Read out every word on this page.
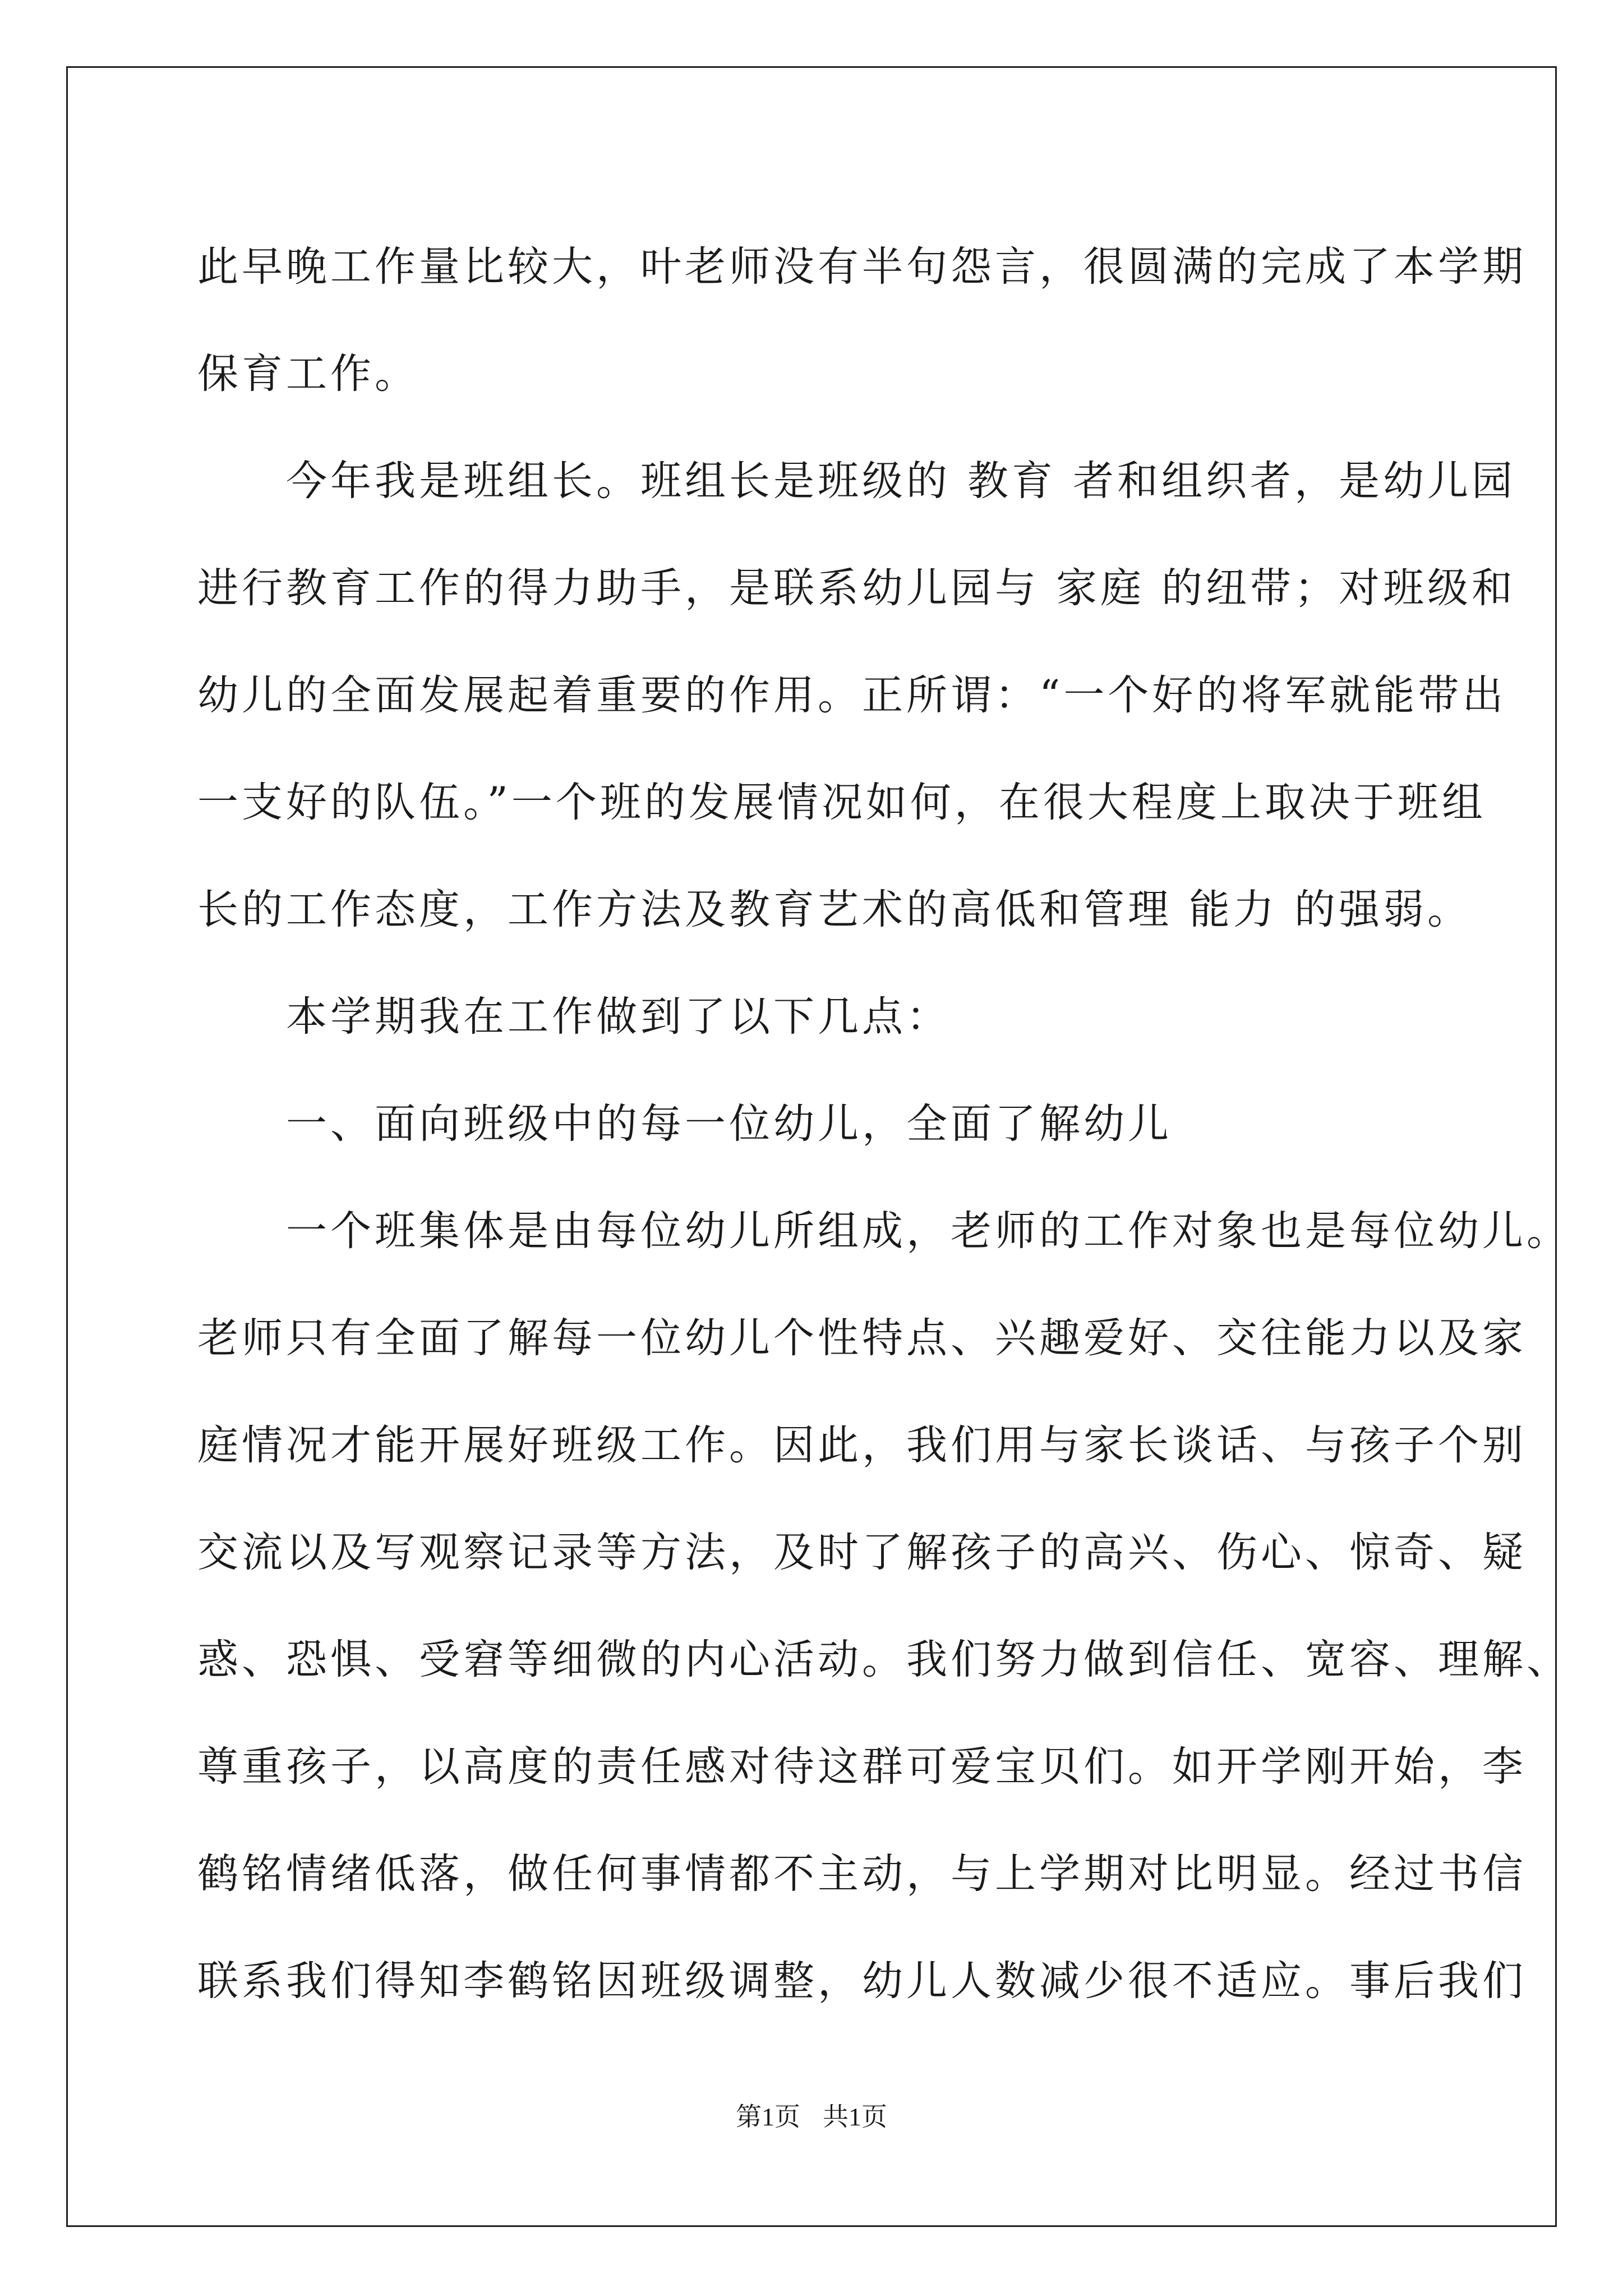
此早晚工作量比较大，叶老师没有半句怨言，很圆满的完成了本学期
保育工作。
　　今年我是班组长。班组长是班级的 教育 者和组织者，是幼儿园
进行教育工作的得力助手，是联系幼儿园与 家庭 的纽带；对班级和
幼儿的全面发展起着重要的作用。正所谓：“一个好的将军就能带出
一支好的队伍。”一个班的发展情况如何，在很大程度上取决于班组
长的工作态度，工作方法及教育艺术的高低和管理 能力 的强弱。
　　本学期我在工作做到了以下几点：
　　一、面向班级中的每一位幼儿，全面了解幼儿
　　一个班集体是由每位幼儿所组成，老师的工作对象也是每位幼儿。
老师只有全面了解每一位幼儿个性特点、兴趣爱好、交往能力以及家
庭情况才能开展好班级工作。因此，我们用与家长谈话、与孩子个别
交流以及写观察记录等方法，及时了解孩子的高兴、伤心、惊奇、疑
惑、恐惧、受窘等细微的内心活动。我们努力做到信任、宽容、理解、
尊重孩子，以高度的责任感对待这群可爱宝贝们。如开学刚开始，李
鹤铭情绪低落，做任何事情都不主动，与上学期对比明显。经过书信
联系我们得知李鹤铭因班级调整，幼儿人数减少很不适应。事后我们
第1页 共1页
